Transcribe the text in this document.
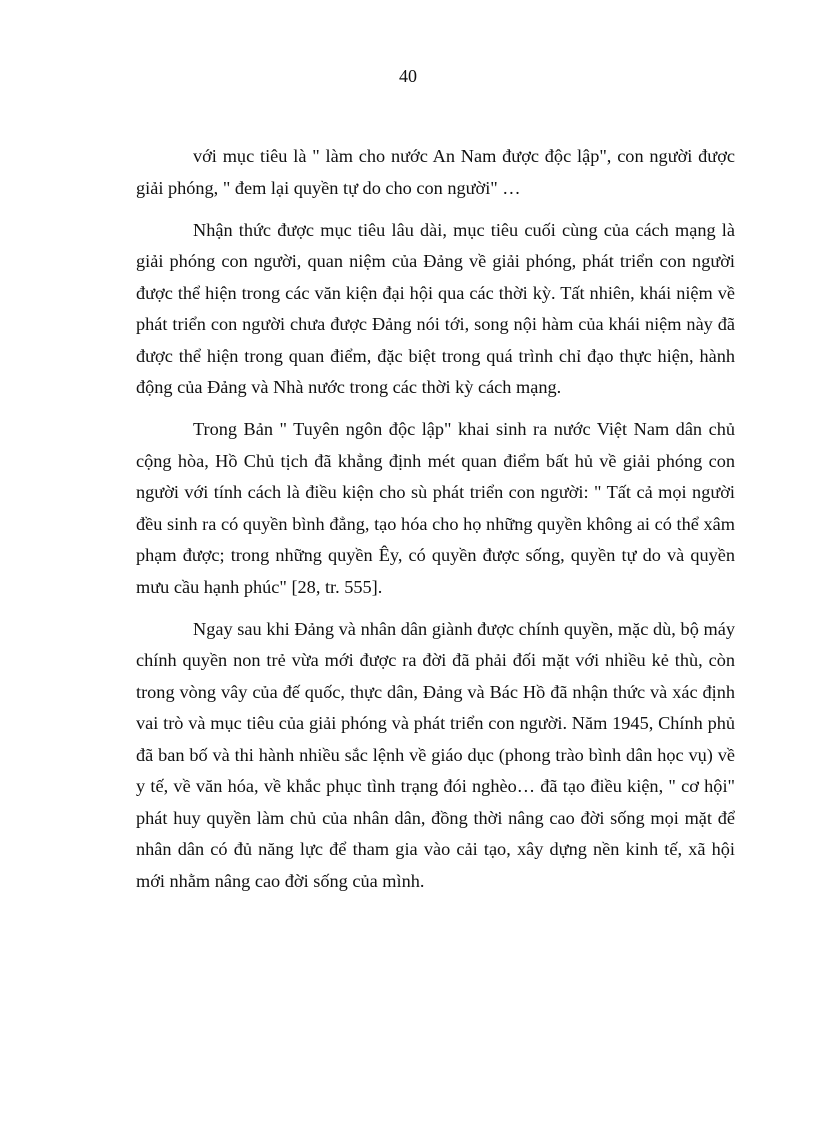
40

với mục tiêu là " làm cho nước An Nam được độc lập", con người được giải phóng, " đem lại quyền tự do cho con người" …

Nhận thức được mục tiêu lâu dài, mục tiêu cuối cùng của cách mạng là giải phóng con người, quan niệm của Đảng về giải phóng, phát triển con người được thể hiện trong các văn kiện đại hội qua các thời kỳ. Tất nhiên, khái niệm về phát triển con người chưa được Đảng nói tới, song nội hàm của khái niệm này đã được thể hiện trong quan điểm, đặc biệt trong quá trình chỉ đạo thực hiện, hành động của Đảng và Nhà nước trong các thời kỳ cách mạng.

Trong Bản " Tuyên ngôn độc lập" khai sinh ra nước Việt Nam dân chủ cộng hòa, Hồ Chủ tịch đã khẳng định mét quan điểm bất hủ về giải phóng con người với tính cách là điều kiện cho sù phát triển con người: " Tất cả mọi người đều sinh ra có quyền bình đẳng, tạo hóa cho họ những quyền không ai có thể xâm phạm được; trong những quyền Êy, có quyền được sống, quyền tự do và quyền mưu cầu hạnh phúc" [28, tr. 555].

Ngay sau khi Đảng và nhân dân giành được chính quyền, mặc dù, bộ máy chính quyền non trẻ vừa mới được ra đời đã phải đối mặt với nhiều kẻ thù, còn trong vòng vây của đế quốc, thực dân, Đảng và Bác Hồ đã nhận thức và xác định vai trò và mục tiêu của giải phóng và phát triển con người. Năm 1945, Chính phủ đã ban bố và thi hành nhiều sắc lệnh về giáo dục (phong trào bình dân học vụ) về y tế, về văn hóa, về khắc phục tình trạng đói nghèo… đã tạo điều kiện, " cơ hội" phát huy quyền làm chủ của nhân dân, đồng thời nâng cao đời sống mọi mặt để nhân dân có đủ năng lực để tham gia vào cải tạo, xây dựng nền kinh tế, xã hội mới nhằm nâng cao đời sống của mình.
